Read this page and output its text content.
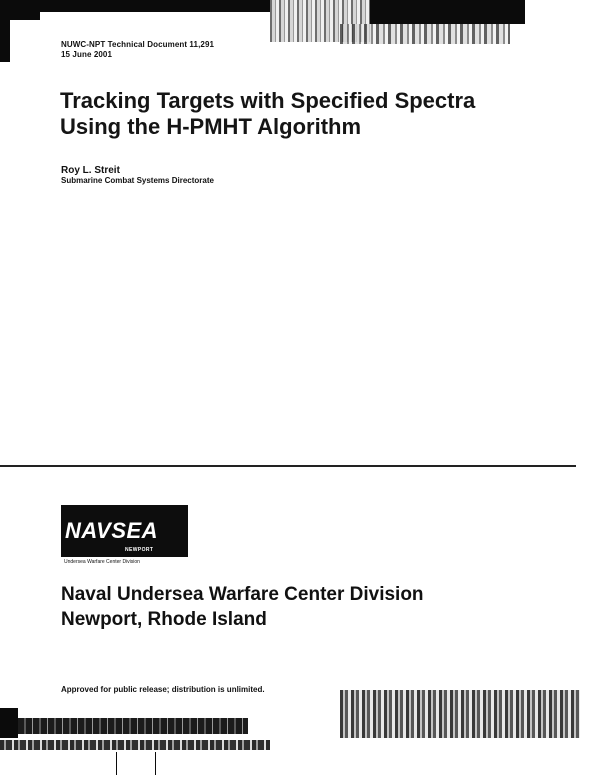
NUWC-NPT Technical Document 11,291
15 June 2001
Tracking Targets with Specified Spectra
Using the H-PMHT Algorithm
Roy L. Streit
Submarine Combat Systems Directorate
NAVSEA
NEWPORT
Undersea Warfare Center Division
Naval Undersea Warfare Center Division
Newport, Rhode Island
Approved for public release; distribution is unlimited.
